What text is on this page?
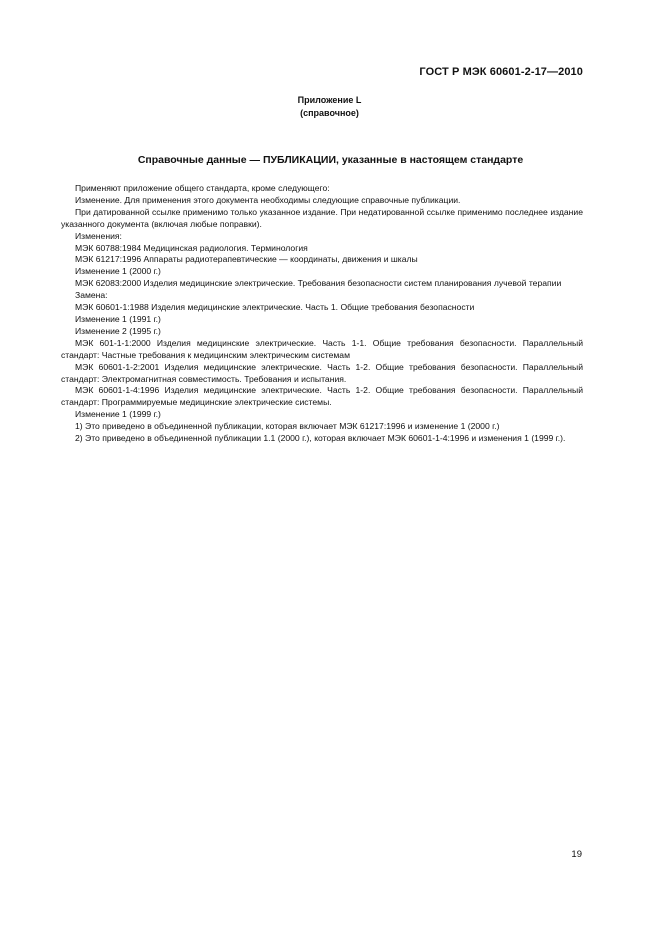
ГОСТ Р МЭК 60601-2-17—2010
Приложение L
(справочное)
Справочные данные — ПУБЛИКАЦИИ, указанные в настоящем стандарте

Применяют приложение общего стандарта, кроме следующего:

Изменение. Для применения этого документа необходимы следующие справочные публикации.

При датированной ссылке применимо только указанное издание. При недатированной ссылке применимо последнее издание указанного документа (включая любые поправки).

Изменения:

МЭК 60788:1984 Медицинская радиология. Терминология

МЭК 61217:1996 Аппараты радиотерапевтические — координаты, движения и шкалы

Изменение 1 (2000 г.)

МЭК 62083:2000 Изделия медицинские электрические. Требования безопасности систем планирования лучевой терапии

Замена:

МЭК 60601-1:1988 Изделия медицинские электрические. Часть 1. Общие требования безопасности

Изменение 1 (1991 г.)

Изменение 2 (1995 г.)

МЭК 601-1-1:2000 Изделия медицинские электрические. Часть 1-1. Общие требования безопасности. Параллельный стандарт: Частные требования к медицинским электрическим системам

МЭК 60601-1-2:2001 Изделия медицинские электрические. Часть 1-2. Общие требования безопасности. Параллельный стандарт: Электромагнитная совместимость. Требования и испытания.

МЭК 60601-1-4:1996 Изделия медицинские электрические. Часть 1-2. Общие требования безопасности. Параллельный стандарт: Программируемые медицинские электрические системы.

Изменение 1 (1999 г.)

1) Это приведено в объединенной публикации, которая включает МЭК 61217:1996 и изменение 1 (2000 г.)

2) Это приведено в объединенной публикации 1.1 (2000 г.), которая включает МЭК 60601-1-4:1996 и изменения 1 (1999 г.).

19
